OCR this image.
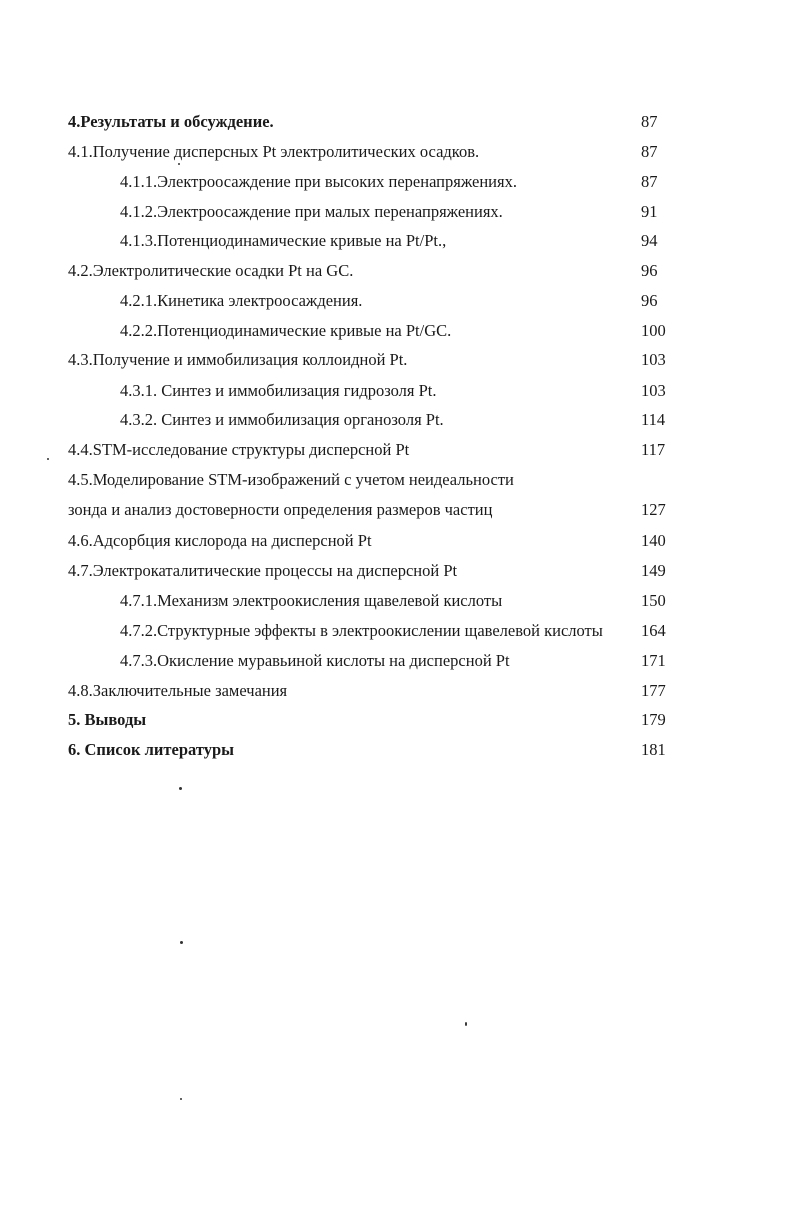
4.Результаты и обсуждение.	87
4.1.Получение дисперсных Pt электролитических осадков.	87
4.1.1.Электроосаждение при высоких перенапряжениях.	87
4.1.2.Электроосаждение при малых перенапряжениях.	91
4.1.3.Потенциодинамические кривые на Pt/Pt.,	94
4.2.Электролитические осадки Pt на GC.	96
4.2.1.Кинетика электроосаждения.	96
4.2.2.Потенциодинамические кривые на Pt/GC.	100
4.3.Получение и иммобилизация коллоидной Pt.	103
4.3.1. Синтез и иммобилизация гидрозоля Pt.	103
4.3.2. Синтез и иммобилизация органозоля Pt.	114
4.4.STM-исследование структуры дисперсной Pt	117
4.5.Моделирование STM-изображений с учетом неидеальности
зонда и анализ достоверности определения размеров частиц	127
4.6.Адсорбция кислорода на дисперсной Pt	140
4.7.Электрокаталитические процессы на дисперсной Pt	149
4.7.1.Механизм электроокисления щавелевой кислоты	150
4.7.2.Структурные эффекты в электроокислении щавелевой кислоты 164
4.7.3.Окисление муравьиной кислоты на дисперсной Pt	171
4.8.Заключительные замечания	177
5. Выводы	179
6. Список литературы	181
